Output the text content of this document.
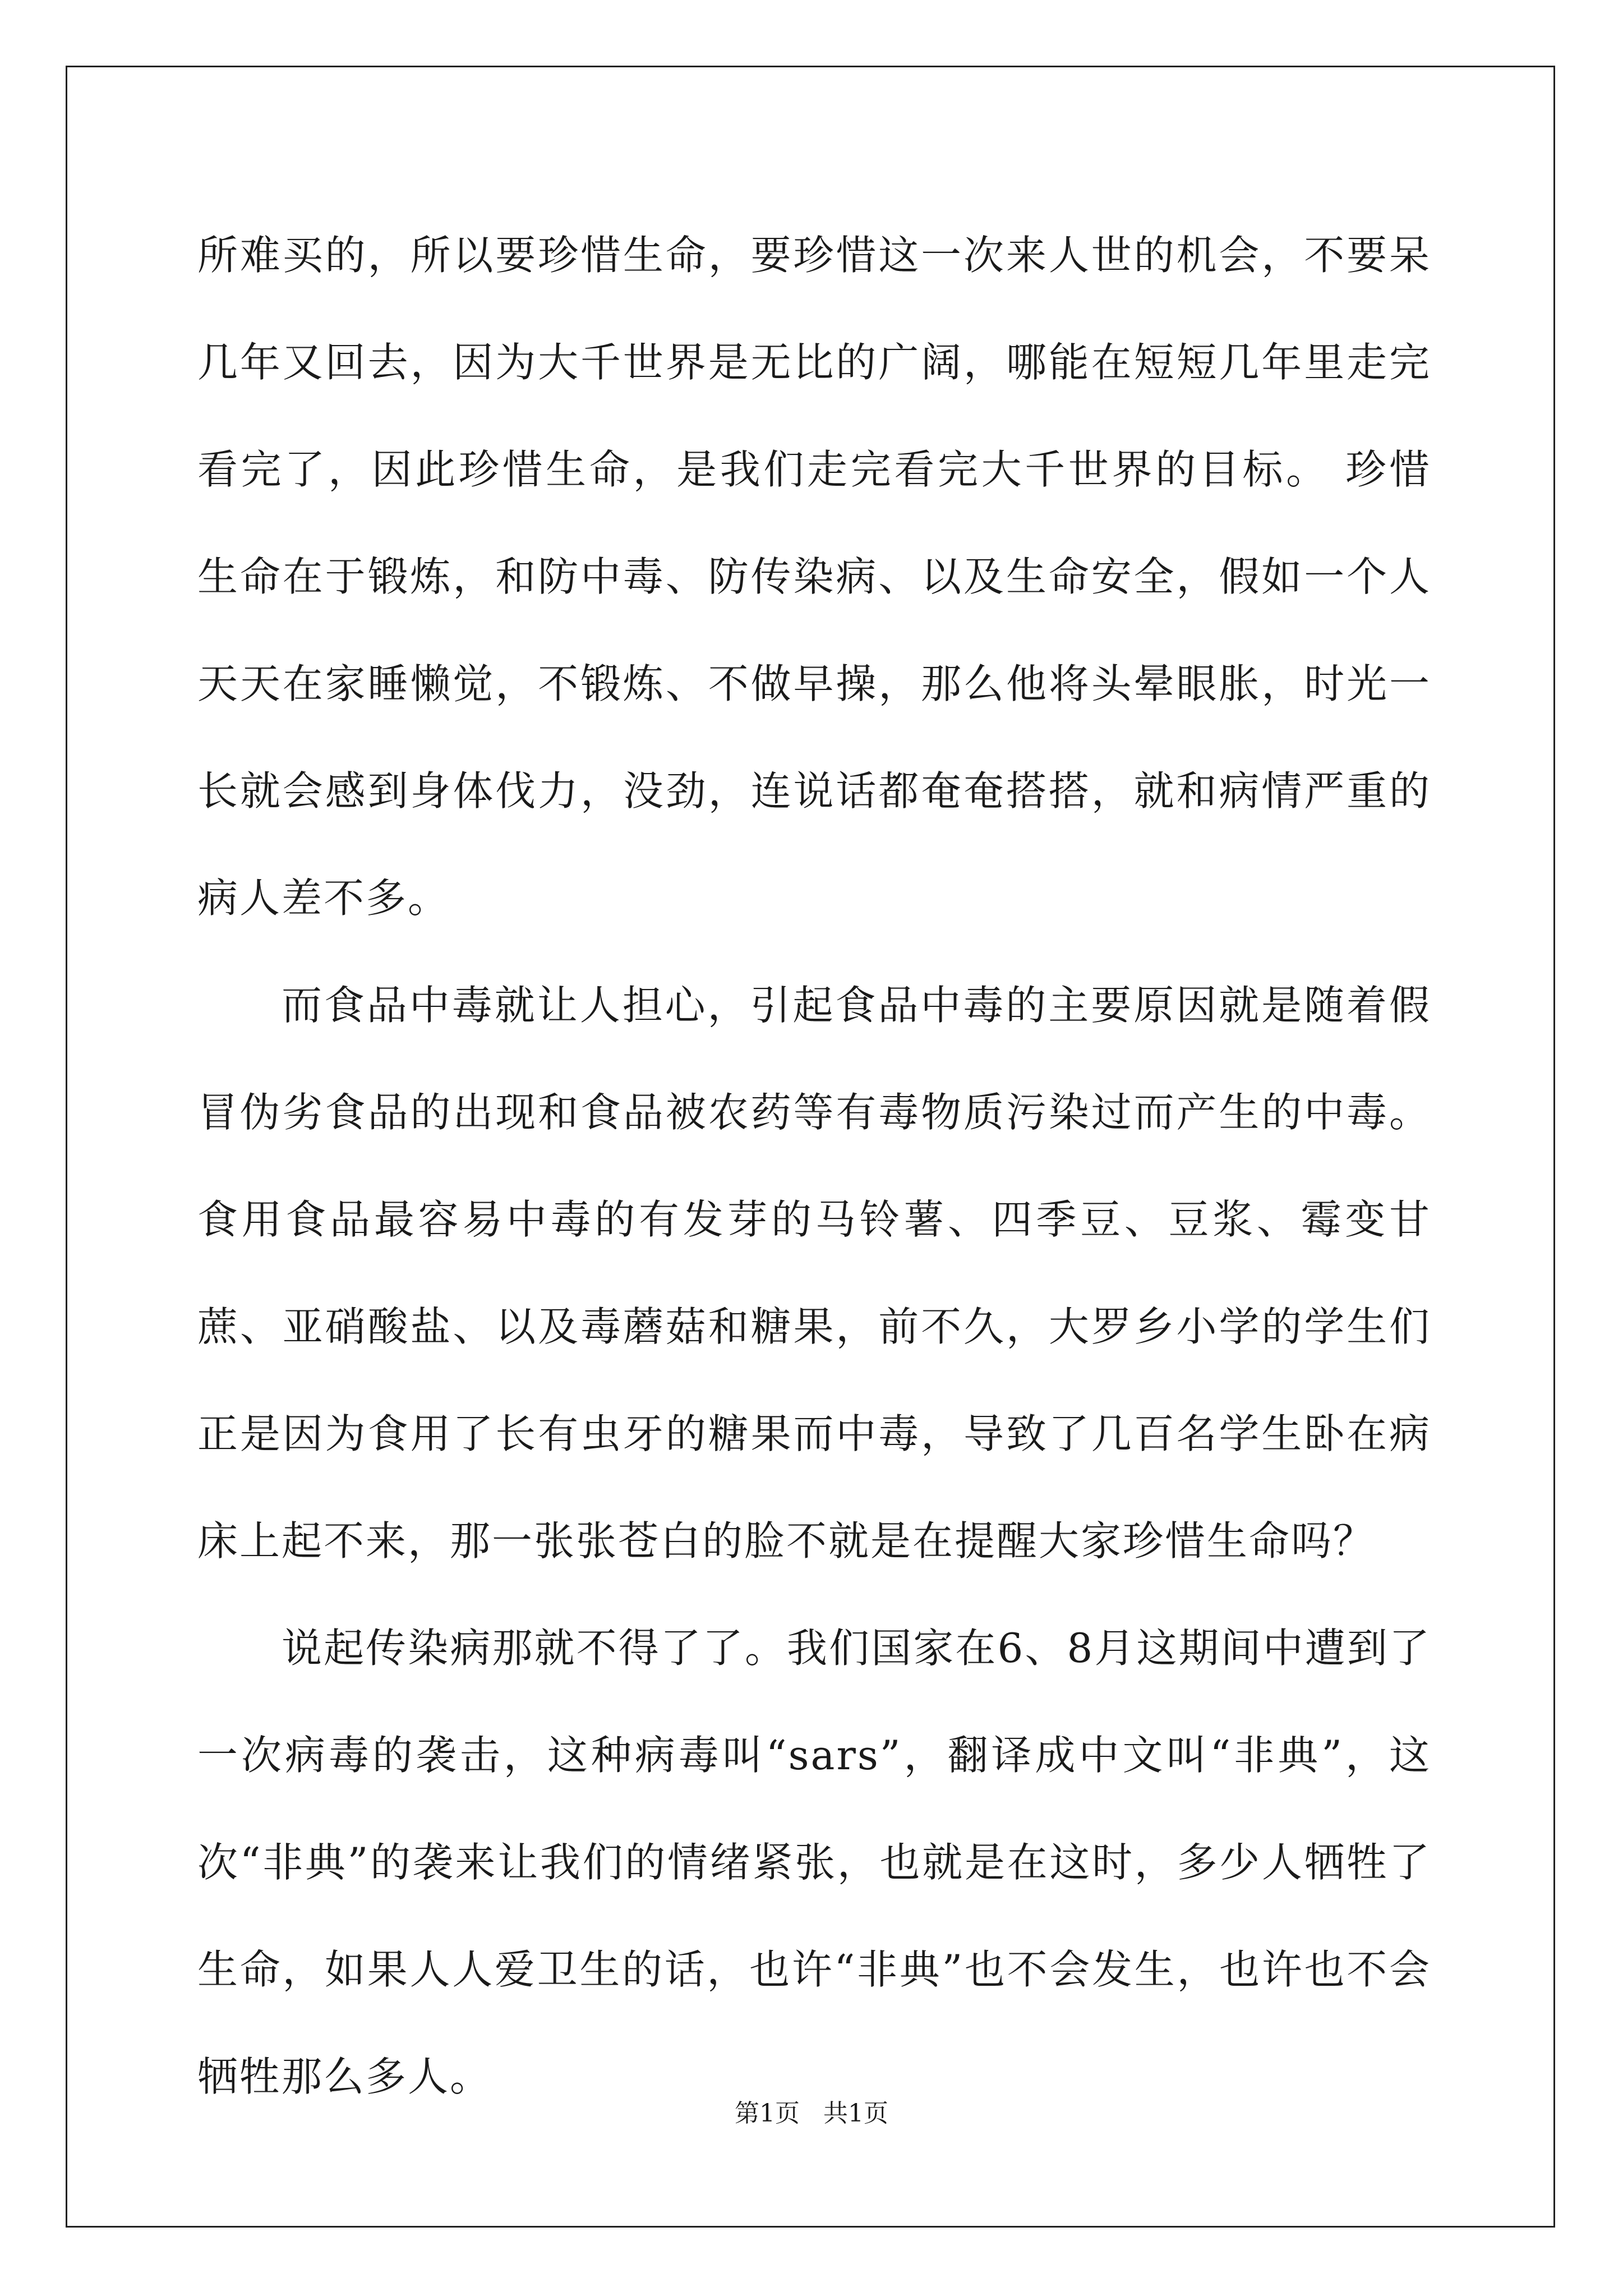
所难买的，所以要珍惜生命，要珍惜这一次来人世的机会，不要呆几年又回去，因为大千世界是无比的广阔，哪能在短短几年里走完看完了，因此珍惜生命，是我们走完看完大千世界的目标。 珍惜生命在于锻炼，和防中毒、防传染病、以及生命安全，假如一个人天天在家睡懒觉，不锻炼、不做早操，那么他将头晕眼胀，时光一长就会感到身体伐力，没劲，连说话都奄奄搭搭，就和病情严重的病人差不多。

而食品中毒就让人担心，引起食品中毒的主要原因就是随着假冒伪劣食品的出现和食品被农药等有毒物质污染过而产生的中毒。食用食品最容易中毒的有发芽的马铃薯、四季豆、豆浆、霉变甘蔗、亚硝酸盐、以及毒蘑菇和糖果，前不久，大罗乡小学的学生们正是因为食用了长有虫牙的糖果而中毒，导致了几百名学生卧在病床上起不来，那一张张苍白的脸不就是在提醒大家珍惜生命吗？

说起传染病那就不得了了。我们国家在6、8月这期间中遭到了一次病毒的袭击，这种病毒叫“sars”，翻译成中文叫“非典”，这次“非典”的袭来让我们的情绪紧张，也就是在这时，多少人牺牲了生命，如果人人爱卫生的话，也许“非典”也不会发生，也许也不会牺牲那么多人。

第1页 共1页
